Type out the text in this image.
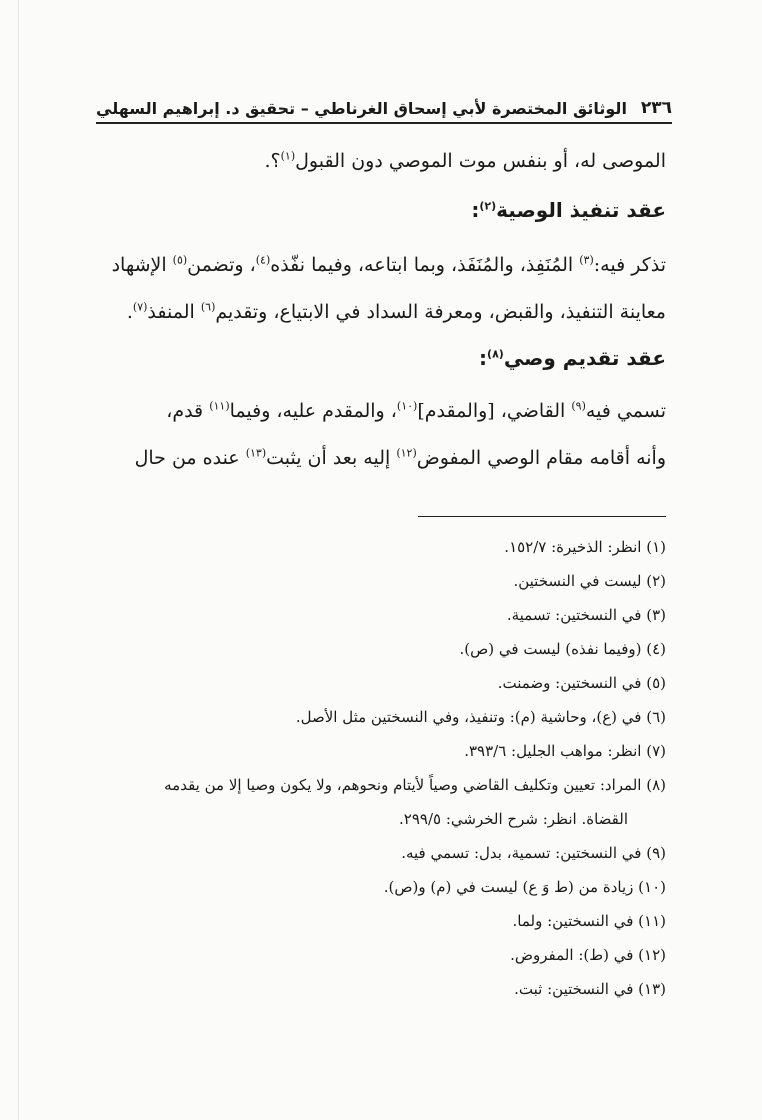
٢٣٦
الوثائق المختصرة لأبي إسحاق الغرناطي – تحقيق د. إبراهيم السهلي
الموصى له، أو بنفس موت الموصي دون القبول$^{(١)}$؟.
عقد تنفيذ الوصية$^{(٢)}$:
تذكر فيه:$^{(٣)}$ المُنَفِذ، والمُنَفَذ، وبما ابتاعه، وفيما نفّذه$^{(٤)}$، وتضمن$^{(٥)}$ الإشهاد
معاينة التنفيذ، والقبض، ومعرفة السداد في الابتياع، وتقديم$^{(٦)}$ المنفذ$^{(٧)}$.
عقد تقديم وصي$^{(٨)}$:
تسمي فيه$^{(٩)}$ القاضي، [والمقدم]$^{(١٠)}$، والمقدم عليه، وفيما$^{(١١)}$ قدم،
وأنه أقامه مقام الوصي المفوض$^{(١٢)}$ إليه بعد أن يثبت$^{(١٣)}$ عنده من حال
(١) انظر: الذخيرة: ١٥٢/٧.
(٢) ليست في النسختين.
(٣) في النسختين: تسمية.
(٤) (وفيما نفذه) ليست في (ص).
(٥) في النسختين: وضمنت.
(٦) في (ع)، وحاشية (م): وتنفيذ، وفي النسختين مثل الأصل.
(٧) انظر: مواهب الجليل: ٣٩٣/٦.
(٨) المراد: تعيين وتكليف القاضي وصياً لأيتام ونحوهم، ولا يكون وصيا إلا من يقدمه
القضاة. انظر: شرح الخرشي: ٢٩٩/٥.
(٩) في النسختين: تسمية، بدل: تسمي فيه.
(١٠) زيادة من (ط وَ ع) ليست في (م) و(ص).
(١١) في النسختين: ولما.
(١٢) في (ط): المفروض.
(١٣) في النسختين: ثبت.
